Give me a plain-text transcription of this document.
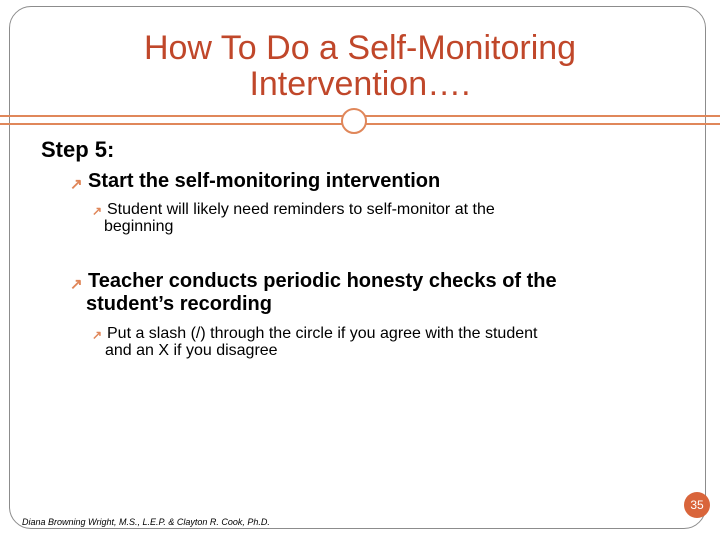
How To Do a Self-Monitoring
Intervention….
Step 5:
↗ Start the self-monitoring intervention
↗ Student will likely need reminders to self-monitor at the
beginning
↗ Teacher conducts periodic honesty checks of the
student’s recording
↗ Put a slash (/) through the circle if you agree with the student
and an X if you disagree
Diana Browning Wright, M.S., L.E.P. & Clayton R. Cook, Ph.D.
35
